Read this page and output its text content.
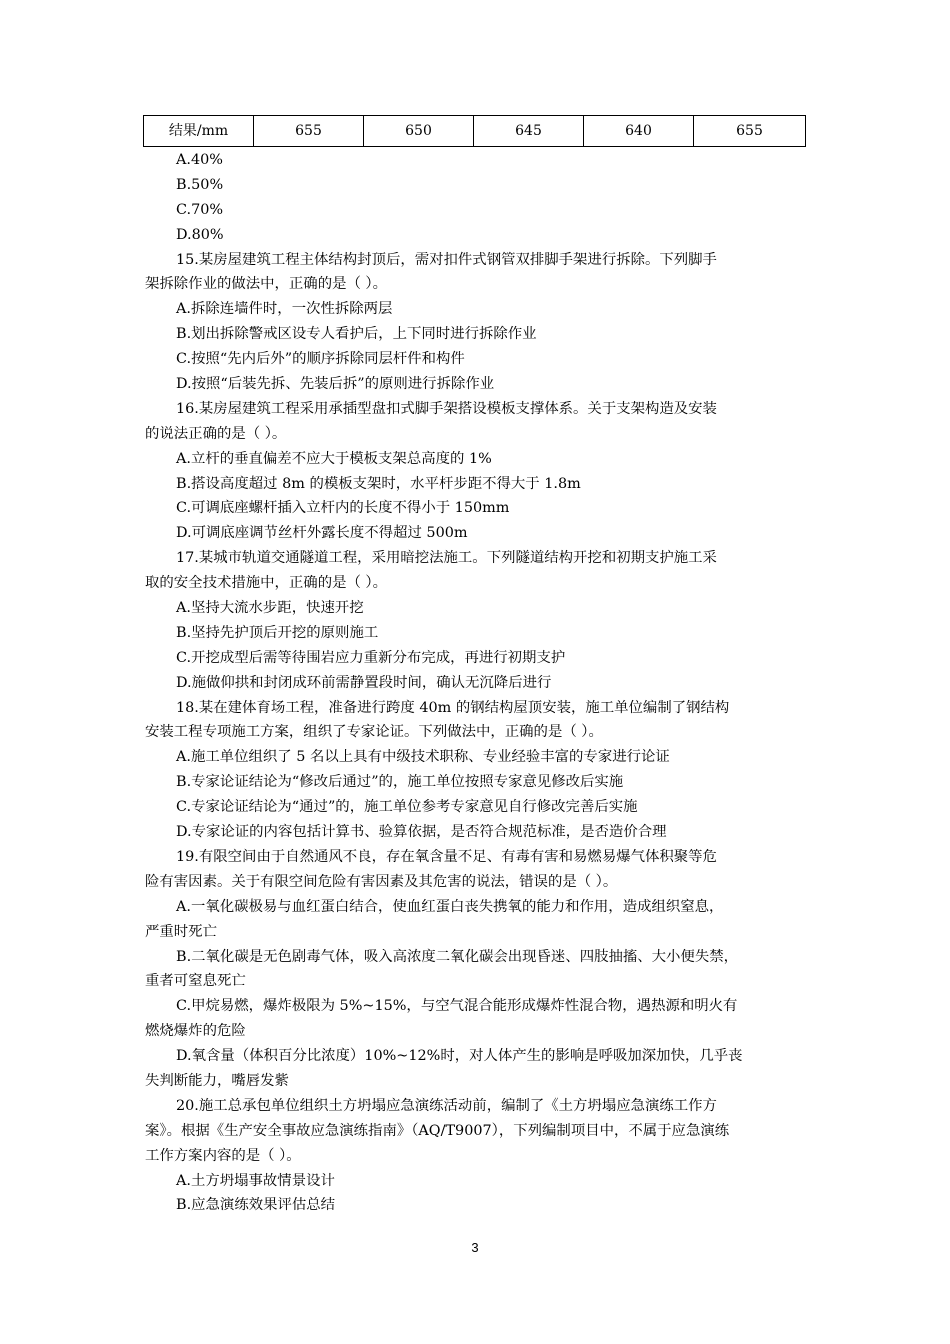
结果/mm	655	650	645	640	655
A.40%
B.50%
C.70%
D.80%
15.某房屋建筑工程主体结构封顶后，需对扣件式钢管双排脚手架进行拆除。下列脚手
架拆除作业的做法中，正确的是（ ）。
A.拆除连墙件时，一次性拆除两层
B.划出拆除警戒区设专人看护后，上下同时进行拆除作业
C.按照“先内后外”的顺序拆除同层杆件和构件
D.按照“后装先拆、先装后拆”的原则进行拆除作业
16.某房屋建筑工程采用承插型盘扣式脚手架搭设模板支撑体系。关于支架构造及安装
的说法正确的是（ ）。
A.立杆的垂直偏差不应大于模板支架总高度的 1%
B.搭设高度超过 8m 的模板支架时，水平杆步距不得大于 1.8m
C.可调底座螺杆插入立杆内的长度不得小于 150mm
D.可调底座调节丝杆外露长度不得超过 500m
17.某城市轨道交通隧道工程，采用暗挖法施工。下列隧道结构开挖和初期支护施工采
取的安全技术措施中，正确的是（ ）。
A.坚持大流水步距，快速开挖
B.坚持先护顶后开挖的原则施工
C.开挖成型后需等待围岩应力重新分布完成，再进行初期支护
D.施做仰拱和封闭成环前需静置段时间，确认无沉降后进行
18.某在建体育场工程，准备进行跨度 40m 的钢结构屋顶安装，施工单位编制了钢结构
安装工程专项施工方案，组织了专家论证。下列做法中，正确的是（ ）。
A.施工单位组织了 5 名以上具有中级技术职称、专业经验丰富的专家进行论证
B.专家论证结论为“修改后通过”的，施工单位按照专家意见修改后实施
C.专家论证结论为“通过”的，施工单位参考专家意见自行修改完善后实施
D.专家论证的内容包括计算书、验算依据，是否符合规范标准，是否造价合理
19.有限空间由于自然通风不良，存在氧含量不足、有毒有害和易燃易爆气体积聚等危
险有害因素。关于有限空间危险有害因素及其危害的说法，错误的是（ ）。
A.一氧化碳极易与血红蛋白结合，使血红蛋白丧失携氧的能力和作用，造成组织窒息，
严重时死亡
B.二氧化碳是无色剧毒气体，吸入高浓度二氧化碳会出现昏迷、四肢抽搐、大小便失禁，
重者可窒息死亡
C.甲烷易燃，爆炸极限为 5%~15%，与空气混合能形成爆炸性混合物，遇热源和明火有
燃烧爆炸的危险
D.氧含量（体积百分比浓度）10%~12%时，对人体产生的影响是呼吸加深加快，几乎丧
失判断能力，嘴唇发紫
20.施工总承包单位组织土方坍塌应急演练活动前，编制了《土方坍塌应急演练工作方
案》。根据《生产安全事故应急演练指南》（AQ/T9007），下列编制项目中，不属于应急演练
工作方案内容的是（ ）。
A.土方坍塌事故情景设计
B.应急演练效果评估总结
3
